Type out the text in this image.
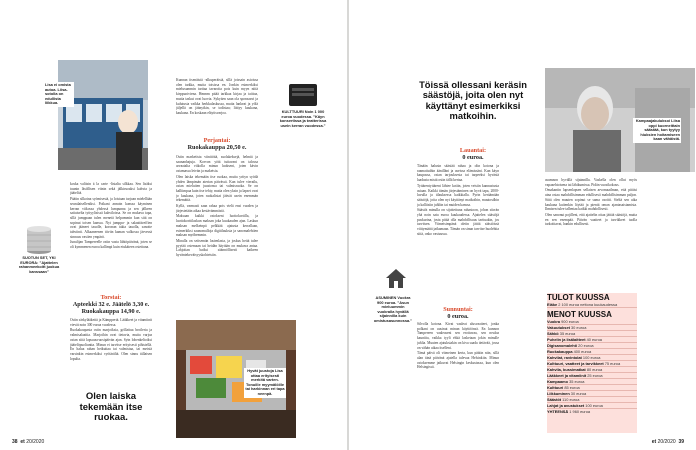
Lisa ei omista autoa. Liisa-sotolla on edullista liikkua.
SUOTUN SET, YKI EURORA: "Ajattelen rahanmeekoitt juokua kanssaan"

koska valitsin ä la carte -listalta silkkaa. Sen lisäksi tuunin läsöllisen viinin sekä jälkiruoaksi kahvia ja jäätelöä.

Päätin silkoina syömisestä, ja loistaan tarjoan mielellään seuralaiselleniksi. Poikani annoin kanssa käyminen kerran viikossa yhdessä lumpunna ja sen jälkeen satiaiselta tyttyylisissä kahviloissa. Se on mukava tapa, sillä jumppaan tulen menetä helpommin kun sitä on sopinut toisen kanssa. Nyt jumppa- ja salaattitreffien ovat jääneet tauolle, koronan takia tauolla, sanotte tahviinti. Alkaaneenen tiiviin kaman valkossa järvessä sinnuus vastien ympärä.

Junalijan Tampereelle ostin vasta lähtöpäivänä, joten se oli kymmenen euroa kallimpi kuin etukäteen ostettuna.

Torstai:
Apteekki 32 e. Jäätelö 3,30 e. Ruokakauppa 14,90 e.

Ostin särkylääkettä ja Kämppertä. Lääkkeet ja vitamiinit vievät noin 300 euroa vuodessa.

Ruokakaupasta ostin marjoiksia, grillattua broileria ja valmisalaattia. Marjoihin ovat tietavia, mutta varjoa ostan siitä lapsuusvuosipäivän ajan. Syin lohenkeltoiksi jäätelöpuoliuntta. Minun ei tarvitse erityisesti pihistellä. En halua rahan heikuttaa tai valmistaa, tai meistä varsinkin esimerkiksi vyötärältä. Olen sinnu tällaisen lopulta.

Olen laiska tekemään itse ruokaa.

Kunnan itsenäistä -alkuperäistä, sillä joissain asioissa olen tarkka, mutta toisissa en. Jonkin esimerkiksi mielusummin tarttaa tavaroita pois kuin myyn niitä kirppuoiviena. Hmmm pitää tarkkaa kirjaa ja taittoa, mutta taskut ovat luovia. Sykyäen saan ola sponsaavi ja kulutusta vaikka herkkulaskussa, mutta lankeat ja yölä jäljellä on jäänytkin, se todistaa; liittyy kaukana, kaukana. En koskaan eläytisvarjoa.

Perjantai:
Ruokakauppa 20,50 e.

Ostin marketista viinitöitä, suolakeksejä, helmiä ja saunanhajuja. Korvon yötä tuttavani on talossa arvaatalta viikolla minun luokseni, joten kävin ostamassa leivän ja makeisia.

Olen laiska tekemään itse ruokaa, mutta yrityn syödä yhden lämpimän aterian päivässä. Kun tulee vierailu, ostan mieluiten juustonsa tai valmisruoka. Se on kalliimpaa kuin itse tehty, mutta olen yksin ja lapset ovat jo kaukana, joten ruokalistat jäävät usein enemmän tekemättä.

Kyllä, varmasti saan rahaa pois vielä ensi vuoden ja järjestetään aikaa kestävämmästä.

Maksaan kaikki ostokseni luottokortilla, ja luottokorttilaskun maksan joka kuukauden ajan. Laskun maksan melkeinpä pelkkää ajatusta kerrallaan, esimerkiksi saunomalloja digitilauksia ja sanomalehtien maksan myöhemmin.

Minulla on seitsemän lastenlasta, ja joskus heitä tulee pyytää ostemaan tai heidän häytään on mukava antaa. Lahjoitan baiksi säännöllisesti katkeen hyväntekeväisyyskohteisiin.

KULTTUURI Noin 1 000 euroa vuodessa. "Käyn konsertissa ja teatterissa usein kerran vuodessa."
Hyvät juustoja Lisa ottaa erityisesti merkitä varten. Tonuille myymälöille tai harkinnan eri tapa neenpä.
38 et 20/2020
Töissä ollessani keräsin säästöjä, joita olen nyt käyttänyt esimerkiksi matkoihin.
Lauantai:
0 euroa.

Tänään halusin säästää rahaa ja olin kotona ja raamattuihin äänilläni ja useissa elämissäni. Kun käyn kaupassa, ostan tarjouksesta tai tarpeeksi hyvästä laadusta mistä ostin tällä kertaa.

Tyttärentyttäreni lähtee kotiin, joten veisiin kannustusta asiaan. Kaikki tämän järjestäminen on hyvä tapa, 2000-luvulla ja tilauksessa kaikkialla. Pyrin keräämään säästöjä, joita olen nyt käyttänyt matkoihin, muutosdhin ja kalliisiin juhliin tai muiden kanssa.

Säästöt minulla on sijoitettuna rahastoon, johon siirrän yhä noin sata euroa kuukaudessa. Ajattelen säästöjä puskurina, josta pitää olla mahdollisuus tarttuakin, jos tarvitsen. Viimeisimpänä oletin jättiä säästöissä viittymättä jatkamaan. Tämän on sinun tarvitse huolehtia siitä, onko vastuussa.

Sunnuntai:
0 euroa.

Silvolla kotona. Kivat vaaleat alusvaatteet, jonka polkani on uusinut minun käyttöönsä. En kunnon Tampereen vaaleaseni sen erottuvaa, sen neuloa kauniita, vaikka tyyli ehkä lasketaan jokin minulle juhlia. Muuten ajatuksiakin on kiva saada tietävää, jossa on vähän aikaa itselleni.

Tämä päivä oli viimeinen kerta, kun päätin niin, sillä alan tänä päivänä ajatella tulevaa Helsinkiin. Minun ostoksemme jatkuvat Helsingin keskustassa, kun olen Helsingissä.

ASUMINEN Vuokra 900 euroa. "Asun mieluummin vuokralla hyvällä sijainnilla kuin omistusasunnossa."

asumnon hyvällä sijainnilla. Vaskella olen ollut myös vapaaehtoisena tai lähikumissa. Pidän vuosikokous.

Omakantin lapsenlapsen sellaisen arvomaailman, että pitäisi aina ostaa mahdollisimman edullisesti mahdollisimman paljon. Siitä olen muuten sopinut se sama osoitti. Sieltä sen aika kaukana kuitenkin löytää ja pientä oman ajantasaistamista. Ihmisen tulee tallentaa kaikki mahdollisesti.

Olen sanonut pojilleni, että ajattelin ottaa jättää säästöjä, mutta en sen enempää. Päivän vaatteet ja tarvikkeet tuolla tarkoittavat, hankin edullisesti.

Kampaajakuluksoi Liisa oppi kuorneittain säästää, kun tyytyy hiuksien hoitamiseen kaan vähäistä.
TULOT KUUSSA
Eläke 2 100 euroa nettona kuukaudessa
MENOT KUUSSA
Vuokra 900 euroa
Vakuutukset 30 euroa
Sähkö 35 euroa
Puhelin ja lisälaitteet 40 euroa
Digisanomalehti 20 euroa
Ruokakauppa 400 euroa
Kahvilat, ravintolat 100 euroa
Kulttuuri, vaatteet ja tarvikkeet 75 euroa
Kahvila, bussimatkat 80 euroa
Lääkkeet ja vitamiinit 25 euroa
Kampaamo 35 euroa
Kulttuuri 85 euroa
Liikkuminen 30 euroa
Säästöt 110 euroa
Lahjat ja avustukset 100 euroa
YHTEENSÄ 1 960 euroa
et 20/2020 39
